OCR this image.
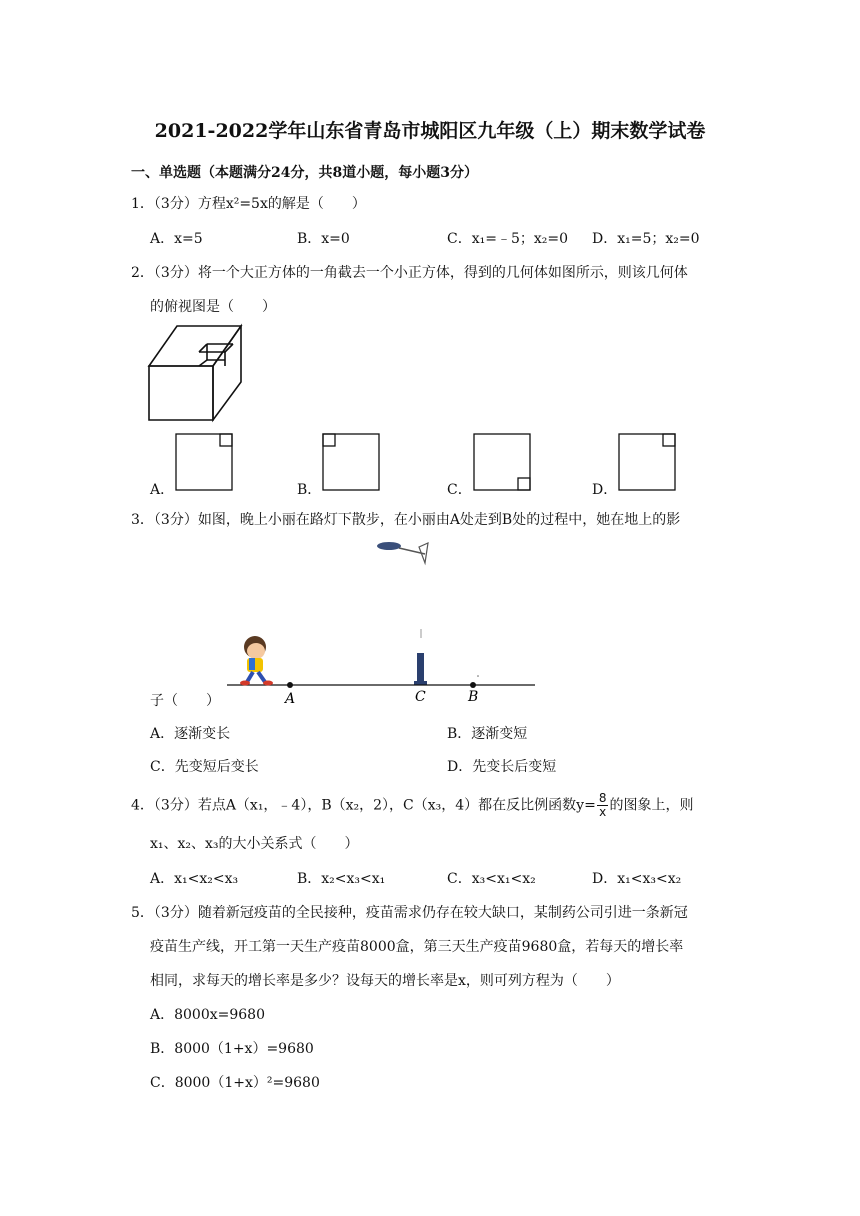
2021-2022学年山东省青岛市城阳区九年级（上）期末数学试卷
一、单选题（本题满分24分，共8道小题，每小题3分）
1．（3分）方程x²=5x的解是（　　）
A．x=5	B．x=0	C．x₁=﹣5；x₂=0 D．x₁=5；x₂=0
2．（3分）将一个大正方体的一角截去一个小正方体，得到的几何体如图所示，则该几何体
的俯视图是（　　）
A．	B．	C．	D．
3．（3分）如图，晚上小丽在路灯下散步，在小丽由A处走到B处的过程中，她在地上的影
A	C	B
子（　　）
A．逐渐变长	B．逐渐变短
C．先变短后变长	D．先变长后变短
4．（3分）若点A（x₁，﹣4），B（x₂，2），C（x₃，4）都在反比例函数$y= \frac{8}{x}$ 的图象上，则
x₁、x₂、x₃的大小关系式（　　）
A．x₁<x₂<x₃	B．x₂<x₃<x₁	C．x₃<x₁<x₂	D．x₁<x₃<x₂
5．（3分）随着新冠疫苗的全民接种，疫苗需求仍存在较大缺口，某制药公司引进一条新冠
疫苗生产线，开工第一天生产疫苗8000盒，第三天生产疫苗9680盒，若每天的增长率
相同，求每天的增长率是多少？设每天的增长率是x，则可列方程为（　　）
A．8000x=9680
B．8000（1+x）=9680
C．8000（1+x）²=9680
